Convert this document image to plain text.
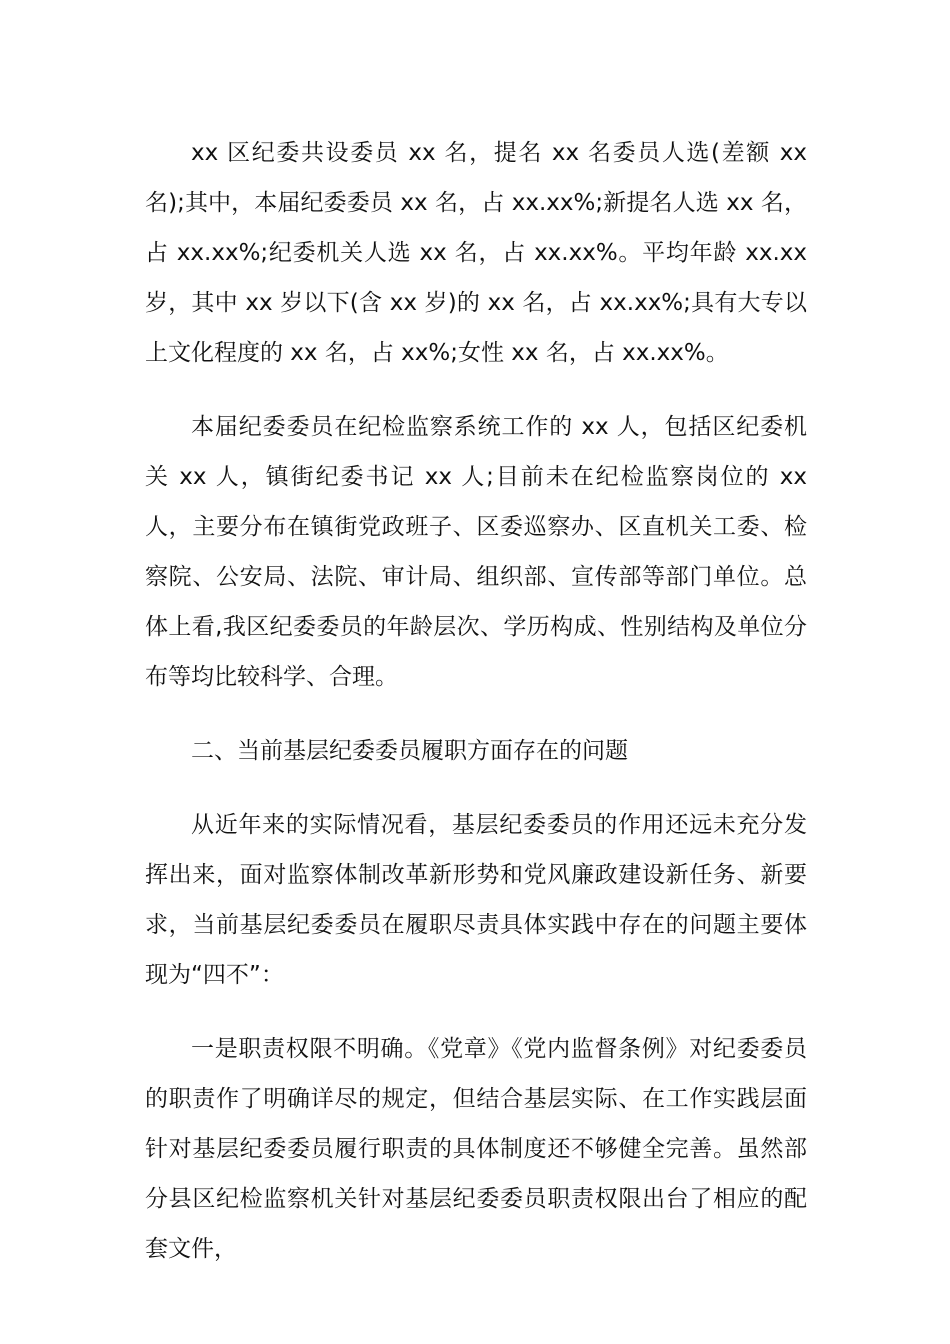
xx 区纪委共设委员 xx 名，提名 xx 名委员人选(差额 xx 名);其中，本届纪委委员 xx 名，占 xx.xx%;新提名人选 xx 名，占 xx.xx%;纪委机关人选 xx 名，占 xx.xx%。平均年龄 xx.xx 岁，其中 xx 岁以下(含 xx 岁)的 xx 名，占 xx.xx%;具有大专以上文化程度的 xx 名，占 xx%;女性 xx 名，占 xx.xx%。

本届纪委委员在纪检监察系统工作的 xx 人，包括区纪委机关 xx 人，镇街纪委书记 xx 人;目前未在纪检监察岗位的 xx 人，主要分布在镇街党政班子、区委巡察办、区直机关工委、检察院、公安局、法院、审计局、组织部、宣传部等部门单位。总体上看,我区纪委委员的年龄层次、学历构成、性别结构及单位分布等均比较科学、合理。

二、当前基层纪委委员履职方面存在的问题

从近年来的实际情况看，基层纪委委员的作用还远未充分发挥出来，面对监察体制改革新形势和党风廉政建设新任务、新要求，当前基层纪委委员在履职尽责具体实践中存在的问题主要体现为“四不”：

一是职责权限不明确。《党章》《党内监督条例》对纪委委员的职责作了明确详尽的规定，但结合基层实际、在工作实践层面针对基层纪委委员履行职责的具体制度还不够健全完善。虽然部分县区纪检监察机关针对基层纪委委员职责权限出台了相应的配套文件，
